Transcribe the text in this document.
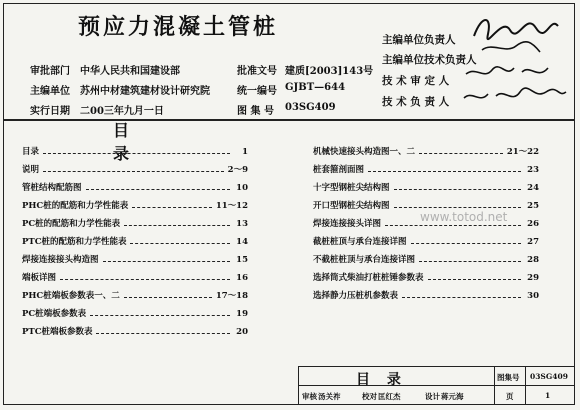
预应力混凝土管桩
审批部门 中华人民共和国建设部	批准文号 建质[2003]143号
主编单位 苏州中材建筑建材设计研究院	统一编号 GJBT—644
实行日期 二00三年九月一日	图 集 号 03SG409
主编单位负责人
主编单位技术负责人
技 术 审 定 人
技 术 负 责 人
目 录
目录	1
说明	2～9
管桩结构配筋图	10
PHC桩的配筋和力学性能表	11～12
PC桩的配筋和力学性能表	13
PTC桩的配筋和力学性能表	14
焊接连接接头构造图	15
端板详图	16
PHC桩端板参数表一、二	17～18
PC桩端板参数表	19
PTC桩端板参数表	20
机械快速接头构造图一、二	21～22
桩套箍剖面图	23
十字型钢桩尖结构图	24
开口型钢桩尖结构图	25
焊接连接接头详图	26
截桩桩顶与承台连接详图	27
不截桩桩顶与承台连接详图	28
选择筒式柴油打桩桩锤参数表	29
选择静力压桩机参数表	30
www.totod.net
目 录	图集号 03SG409
审核 汤关祚	校对 匡红杰	设计 蒋元海	页	1
